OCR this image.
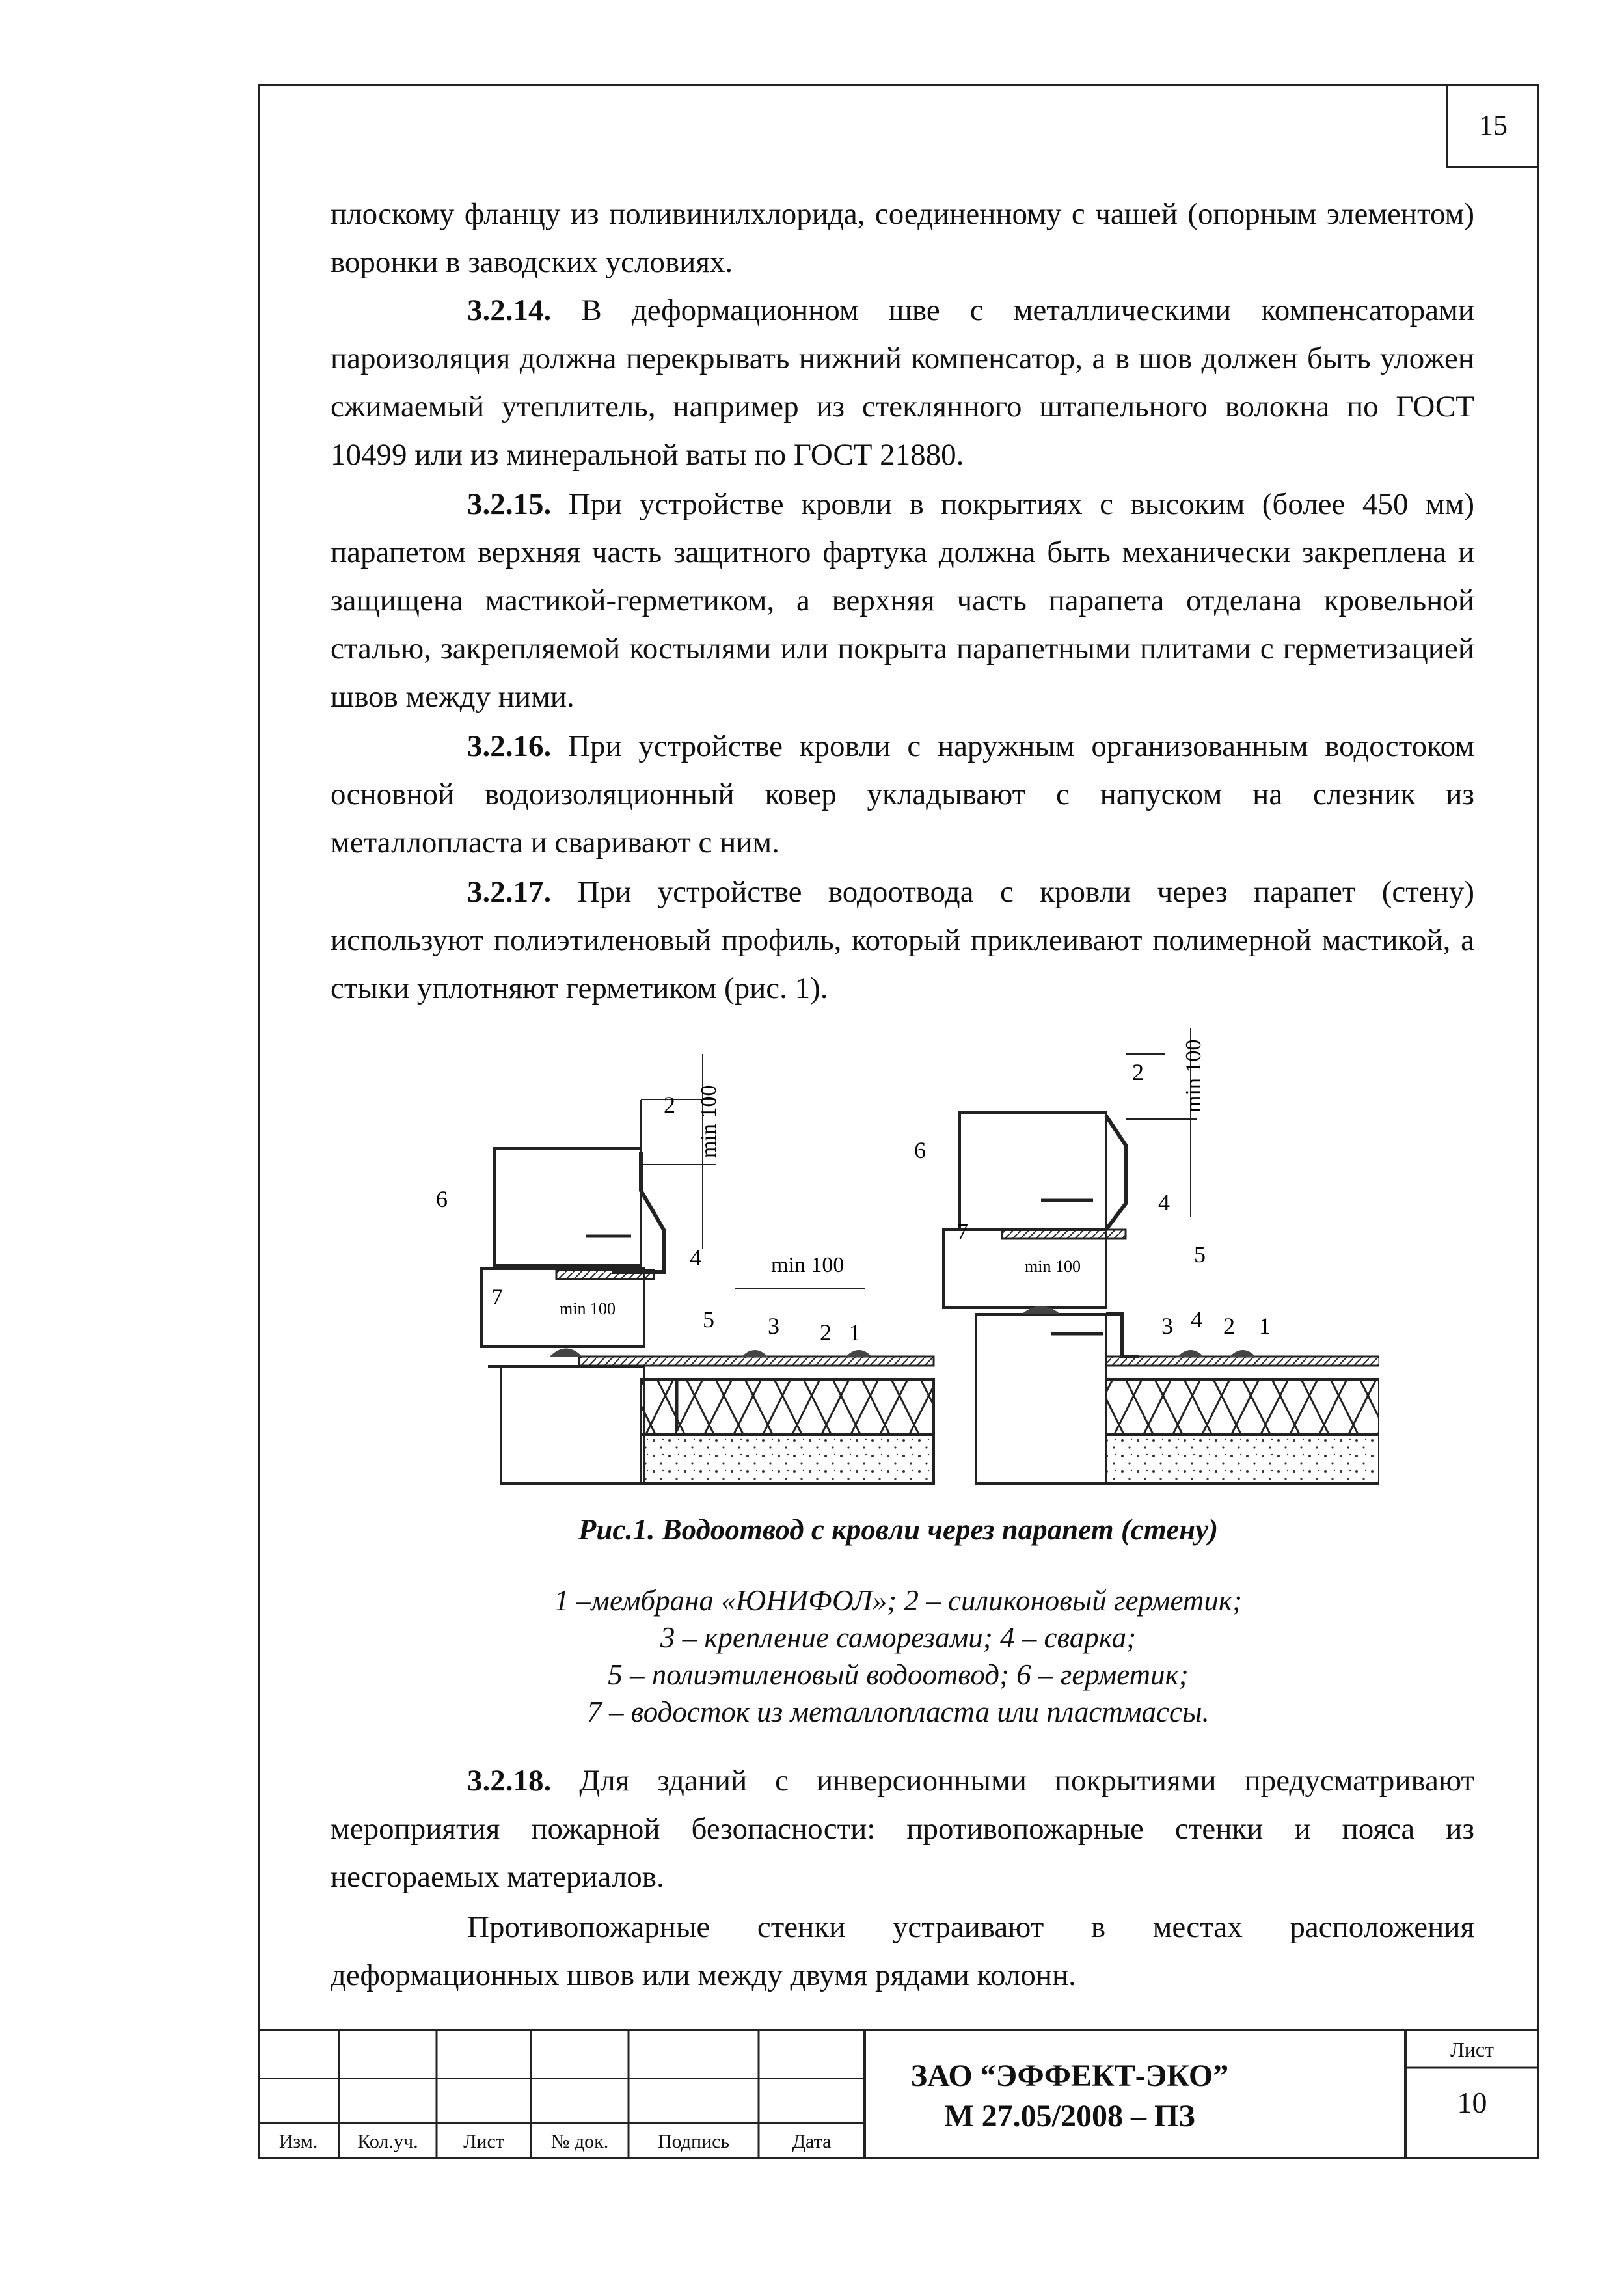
15

плоскому фланцу из поливинилхлорида, соединенному с чашей (опорным элементом) воронки в заводских условиях.

3.2.14. В деформационном шве с металлическими компенсаторами пароизоляция должна перекрывать нижний компенсатор, а в шов должен быть уложен сжимаемый утеплитель, например из стеклянного штапельного волокна по ГОСТ 10499 или из минеральной ваты по ГОСТ 21880.

3.2.15. При устройстве кровли в покрытиях с высоким (более 450 мм) парапетом верхняя часть защитного фартука должна быть механически закреплена и защищена мастикой-герметиком, а верхняя часть парапета отделана кровельной сталью, закрепляемой костылями или покрыта парапетными плитами с герметизацией швов между ними.

3.2.16. При устройстве кровли с наружным организованным водостоком основной водоизоляционный ковер укладывают с напуском на слезник из металлопласта и сваривают с ним.

3.2.17. При устройстве водоотвода с кровли через парапет (стену) используют полиэтиленовый профиль, который приклеивают полимерной мастикой, а стыки уплотняют герметиком (рис. 1).

min 100
min 100
min 100
6
7
2
4
5 3 2 1
min 100
min 100
6
7
2
4
5
3 4 2 1
Рис.1. Водоотвод с кровли через парапет (стену)
1 –мембрана «ЮНИФОЛ»; 2 – силиконовый герметик;
3 – крепление саморезами; 4 – сварка;
5 – полиэтиленовый водоотвод; 6 – герметик;
7 – водосток из металлопласта или пластмассы.

3.2.18. Для зданий с инверсионными покрытиями предусматривают мероприятия пожарной безопасности: противопожарные стенки и пояса из несгораемых материалов.

Противопожарные стенки устраивают в местах расположения деформационных швов или между двумя рядами колонн.

Изм.	Кол.уч.	Лист	№ док.	Подпись	Дата
ЗАО “ЭФФЕКТ-ЭКО”
М 27.05/2008 – ПЗ
Лист
10
